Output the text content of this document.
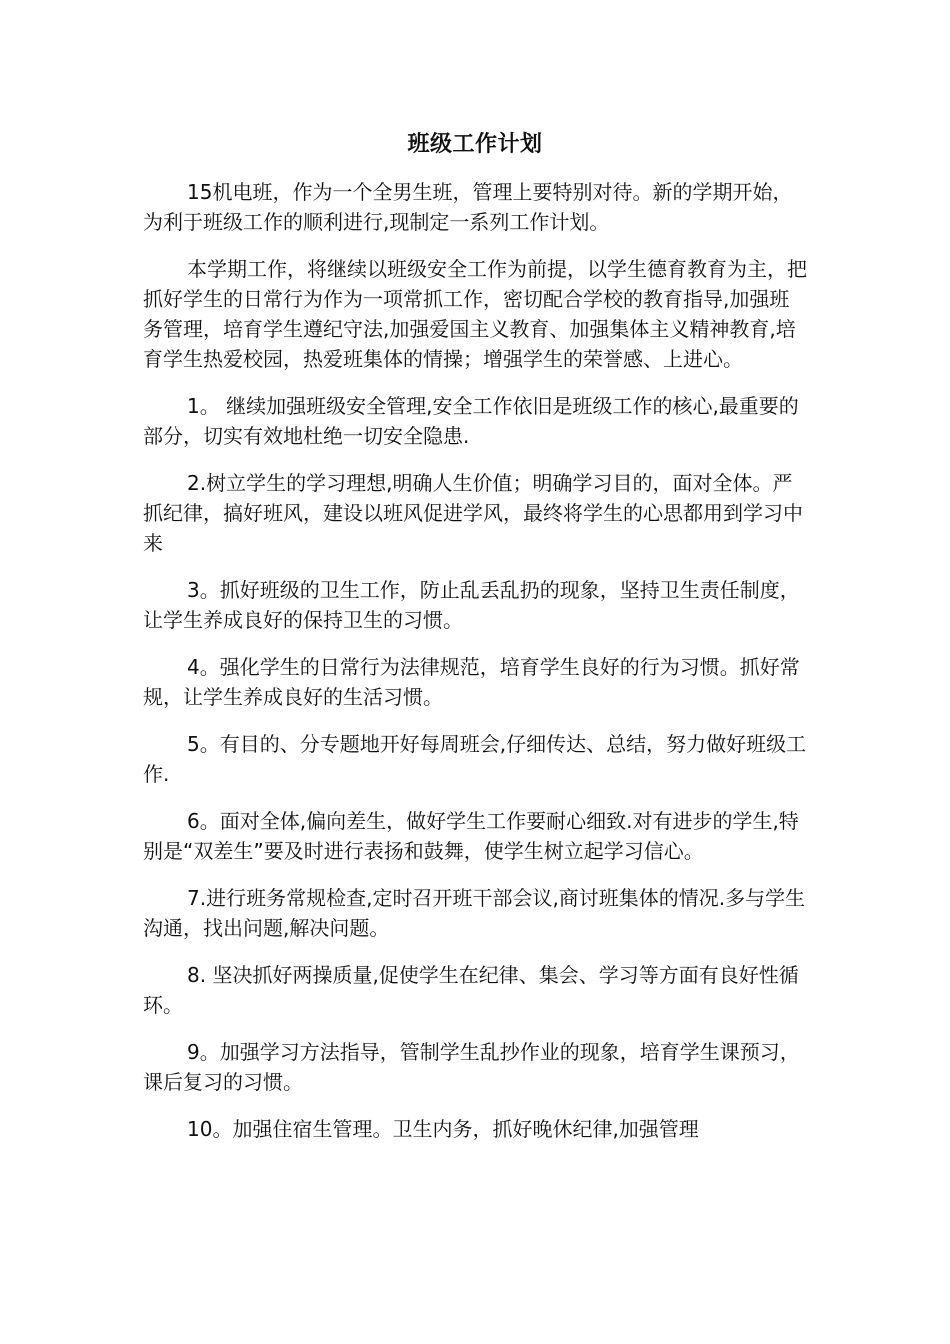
班级工作计划

15机电班，作为一个全男生班，管理上要特别对待。新的学期开始，为利于班级工作的顺利进行,现制定一系列工作计划。

本学期工作，将继续以班级安全工作为前提，以学生德育教育为主，把抓好学生的日常行为作为一项常抓工作，密切配合学校的教育指导,加强班务管理，培育学生遵纪守法,加强爱国主义教育、加强集体主义精神教育,培育学生热爱校园，热爱班集体的情操；增强学生的荣誉感、上进心。

1。 继续加强班级安全管理,安全工作依旧是班级工作的核心,最重要的部分，切实有效地杜绝一切安全隐患.

2.树立学生的学习理想,明确人生价值；明确学习目的，面对全体。严抓纪律，搞好班风，建设以班风促进学风，最终将学生的心思都用到学习中来

3。抓好班级的卫生工作，防止乱丢乱扔的现象，坚持卫生责任制度， 让学生养成良好的保持卫生的习惯。

4。强化学生的日常行为法律规范，培育学生良好的行为习惯。抓好常规，让学生养成良好的生活习惯。

5。有目的、分专题地开好每周班会,仔细传达、总结，努力做好班级工作.

6。面对全体,偏向差生，做好学生工作要耐心细致.对有进步的学生,特别是“双差生”要及时进行表扬和鼓舞，使学生树立起学习信心。

7.进行班务常规检查,定时召开班干部会议,商讨班集体的情况.多与学生沟通，找出问题,解决问题。

8. 坚决抓好两操质量,促使学生在纪律、集会、学习等方面有良好性循环。

9。加强学习方法指导，管制学生乱抄作业的现象，培育学生课预习，课后复习的习惯。

10。加强住宿生管理。卫生内务，抓好晚休纪律,加强管理
